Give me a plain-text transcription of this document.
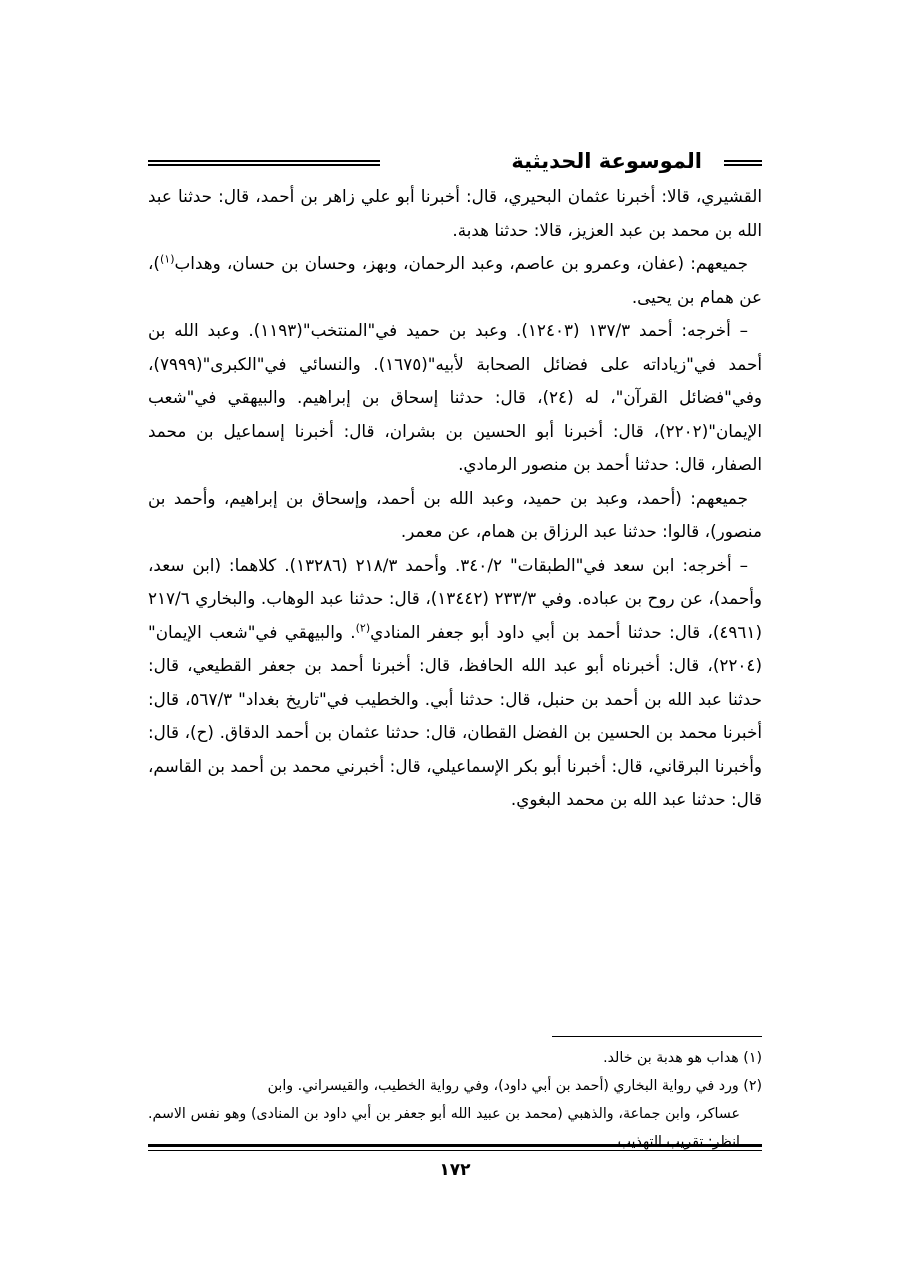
الموسوعة الحديثية

القشيري، قالا: أخبرنا عثمان البحيري، قال: أخبرنا أبو علي زاهر بن أحمد، قال: حدثنا عبد الله بن محمد بن عبد العزيز، قالا: حدثنا هدبة.

جميعهم: (عفان، وعمرو بن عاصم، وعبد الرحمان، وبهز، وحسان بن حسان، وهداب$^{(١)}$)، عن همام بن يحيى.

– أخرجه: أحمد ١٣٧/٣ (١٢٤٠٣). وعبد بن حميد في"المنتخب"(١١٩٣). وعبد الله بن أحمد في"زياداته على فضائل الصحابة لأبيه"(١٦٧٥). والنسائي في"الكبرى"(٧٩٩٩)، وفي"فضائل القرآن"، له (٢٤)، قال: حدثنا إسحاق بن إبراهيم. والبيهقي في"شعب الإيمان"(٢٢٠٢)، قال: أخبرنا أبو الحسين بن بشران، قال: أخبرنا إسماعيل بن محمد الصفار، قال: حدثنا أحمد بن منصور الرمادي.

جميعهم: (أحمد، وعبد بن حميد، وعبد الله بن أحمد، وإسحاق بن إبراهيم، وأحمد بن منصور)، قالوا: حدثنا عبد الرزاق بن همام، عن معمر.

– أخرجه: ابن سعد في"الطبقات" ٣٤٠/٢. وأحمد ٢١٨/٣ (١٣٢٨٦). كلاهما: (ابن سعد، وأحمد)، عن روح بن عباده. وفي ٢٣٣/٣ (١٣٤٤٢)، قال: حدثنا عبد الوهاب. والبخاري ٢١٧/٦ (٤٩٦١)، قال: حدثنا أحمد بن أبي داود أبو جعفر المنادي$^{(٢)}$. والبيهقي في"شعب الإيمان"(٢٢٠٤)، قال: أخبرناه أبو عبد الله الحافظ، قال: أخبرنا أحمد بن جعفر القطيعي، قال: حدثنا عبد الله بن أحمد بن حنبل، قال: حدثنا أبي. والخطيب في"تاريخ بغداد" ٥٦٧/٣، قال: أخبرنا محمد بن الحسين بن الفضل القطان، قال: حدثنا عثمان بن أحمد الدقاق. (ح)، قال: وأخبرنا البرقاني، قال: أخبرنا أبو بكر الإسماعيلي، قال: أخبرني محمد بن أحمد بن القاسم، قال: حدثنا عبد الله بن محمد البغوي.

(١) هداب هو هدبة بن خالد.

(٢) ورد في رواية البخاري (أحمد بن أبي داود)، وفي رواية الخطيب، والقيسراني. وابن

عساكر، وابن جماعة، والذهبي (محمد بن عبيد الله أبو جعفر بن أبي داود بن المنادى) وهو نفس الاسم. انظر: تقريب التهذيب.

١٧٢
